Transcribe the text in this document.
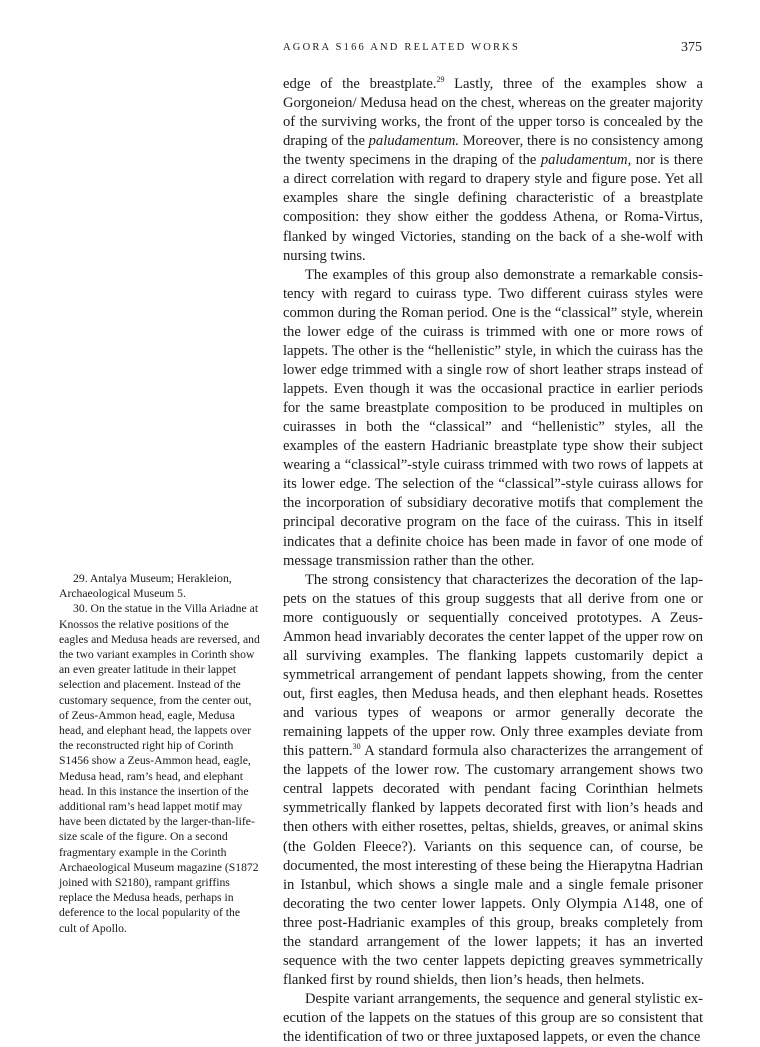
AGORA S166 AND RELATED WORKS	375

edge of the breastplate.$^{29}$ Lastly, three of the examples show a Gorgoneion/ Medusa head on the chest, whereas on the greater majority of the surviving works, the front of the upper torso is concealed by the draping of the paludamentum. Moreover, there is no consistency among the twenty specimens in the draping of the paludamentum, nor is there a direct correlation with regard to drapery style and figure pose. Yet all examples share the single defining characteristic of a breastplate composition: they show either the goddess Athena, or Roma-Virtus, flanked by winged Victories, standing on the back of a she-wolf with nursing twins.

The examples of this group also demonstrate a remarkable consistency with regard to cuirass type. Two different cuirass styles were common during the Roman period. One is the “classical” style, wherein the lower edge of the cuirass is trimmed with one or more rows of lappets. The other is the “hellenistic” style, in which the cuirass has the lower edge trimmed with a single row of short leather straps instead of lappets. Even though it was the occasional practice in earlier periods for the same breastplate composition to be produced in multiples on cuirasses in both the “classical” and “hellenistic” styles, all the examples of the eastern Hadrianic breastplate type show their subject wearing a “classical”-style cuirass trimmed with two rows of lappets at its lower edge. The selection of the “classical”-style cuirass allows for the incorporation of subsidiary decorative motifs that complement the principal decorative program on the face of the cuirass. This in itself indicates that a definite choice has been made in favor of one mode of message transmission rather than the other.

The strong consistency that characterizes the decoration of the lappets on the statues of this group suggests that all derive from one or more contiguously or sequentially conceived prototypes. A Zeus-Ammon head invariably decorates the center lappet of the upper row on all surviving examples. The flanking lappets customarily depict a symmetrical arrangement of pendant lappets showing, from the center out, first eagles, then Medusa heads, and then elephant heads. Rosettes and various types of weapons or armor generally decorate the remaining lappets of the upper row. Only three examples deviate from this pattern.$^{30}$ A standard formula also characterizes the arrangement of the lappets of the lower row. The customary arrangement shows two central lappets decorated with pendant facing Corinthian helmets symmetrically flanked by lappets decorated first with lion’s heads and then others with either rosettes, peltas, shields, greaves, or animal skins (the Golden Fleece?). Variants on this sequence can, of course, be documented, the most interesting of these being the Hierapytna Hadrian in Istanbul, which shows a single male and a single female prisoner decorating the two center lower lappets. Only Olympia Λ148, one of three post-Hadrianic examples of this group, breaks completely from the standard arrangement of the lower lappets; it has an inverted sequence with the two center lappets depicting greaves symmetrically flanked first by round shields, then lion’s heads, then helmets.

Despite variant arrangements, the sequence and general stylistic execution of the lappets on the statues of this group are so consistent that the identification of two or three juxtaposed lappets, or even the chance

29. Antalya Museum; Herakleion, Archaeological Museum 5.

30. On the statue in the Villa Ariadne at Knossos the relative positions of the eagles and Medusa heads are reversed, and the two variant examples in Corinth show an even greater latitude in their lappet selection and placement. Instead of the customary sequence, from the center out, of Zeus-Ammon head, eagle, Medusa head, and elephant head, the lappets over the reconstructed right hip of Corinth S1456 show a Zeus-Ammon head, eagle, Medusa head, ram’s head, and elephant head. In this instance the insertion of the additional ram’s head lappet motif may have been dictated by the larger-than-life-size scale of the figure. On a second fragmentary example in the Corinth Archaeological Museum magazine (S1872 joined with S2180), rampant griffins replace the Medusa heads, perhaps in deference to the local popularity of the cult of Apollo.
